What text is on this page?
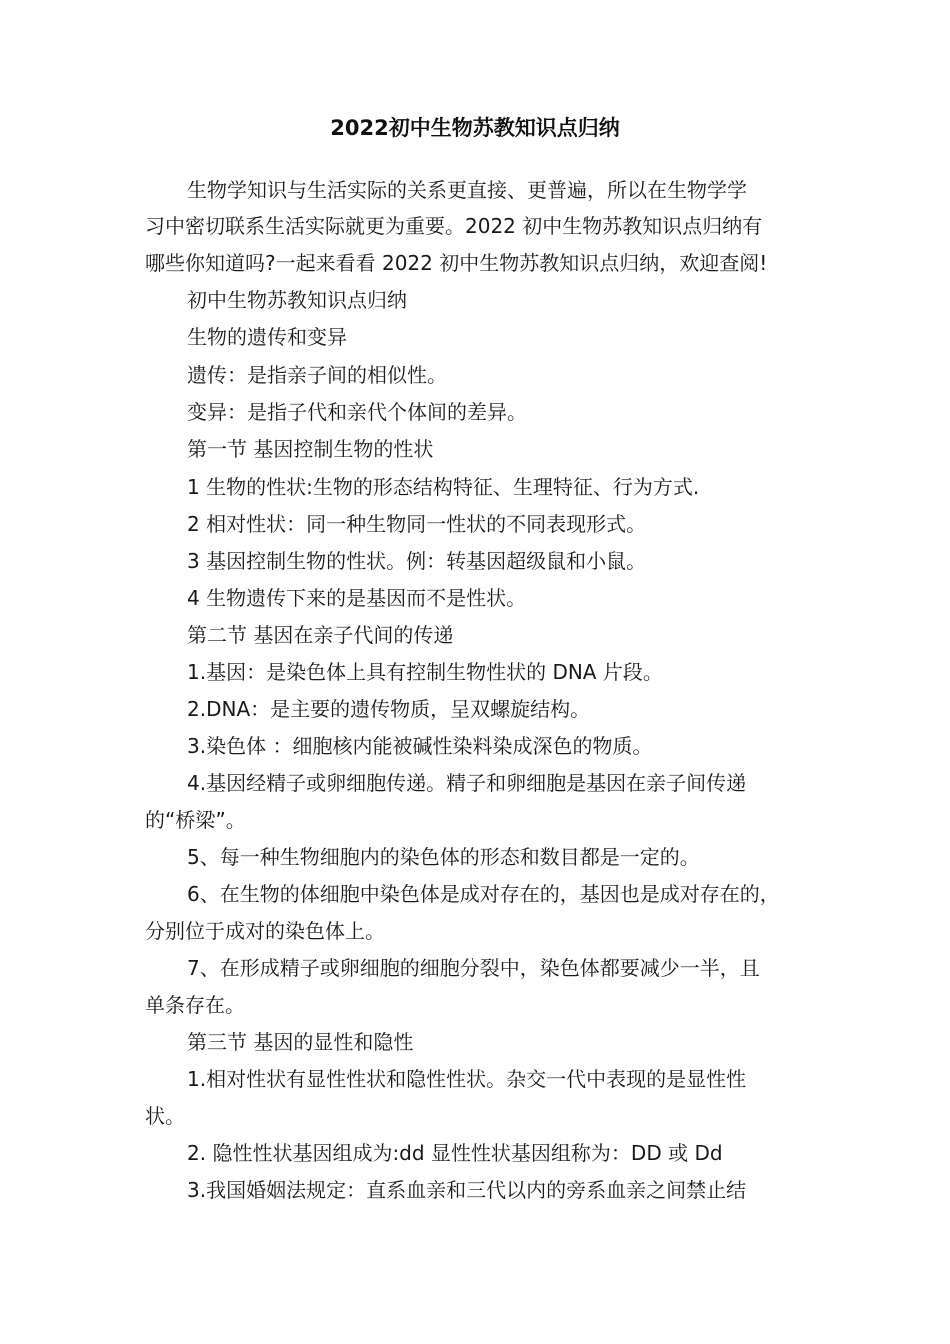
2022初中生物苏教知识点归纳
生物学知识与生活实际的关系更直接、更普遍，所以在生物学学
习中密切联系生活实际就更为重要。2022 初中生物苏教知识点归纳有
哪些你知道吗?一起来看看 2022 初中生物苏教知识点归纳，欢迎查阅!
初中生物苏教知识点归纳
生物的遗传和变异
遗传：是指亲子间的相似性。
变异：是指子代和亲代个体间的差异。
第一节 基因控制生物的性状
1 生物的性状:生物的形态结构特征、生理特征、行为方式.
2 相对性状：同一种生物同一性状的不同表现形式。
3 基因控制生物的性状。例：转基因超级鼠和小鼠。
4 生物遗传下来的是基因而不是性状。
第二节 基因在亲子代间的传递
1.基因：是染色体上具有控制生物性状的 DNA 片段。
2.DNA：是主要的遗传物质，呈双螺旋结构。
3.染色体 ：细胞核内能被碱性染料染成深色的物质。
4.基因经精子或卵细胞传递。精子和卵细胞是基因在亲子间传递
的“桥梁”。
5、每一种生物细胞内的染色体的形态和数目都是一定的。
6、在生物的体细胞中染色体是成对存在的，基因也是成对存在的，
分别位于成对的染色体上。
7、在形成精子或卵细胞的细胞分裂中，染色体都要减少一半，且
单条存在。
第三节 基因的显性和隐性
1.相对性状有显性性状和隐性性状。杂交一代中表现的是显性性
状。
2. 隐性性状基因组成为:dd 显性性状基因组称为：DD 或 Dd
3.我国婚姻法规定：直系血亲和三代以内的旁系血亲之间禁止结
